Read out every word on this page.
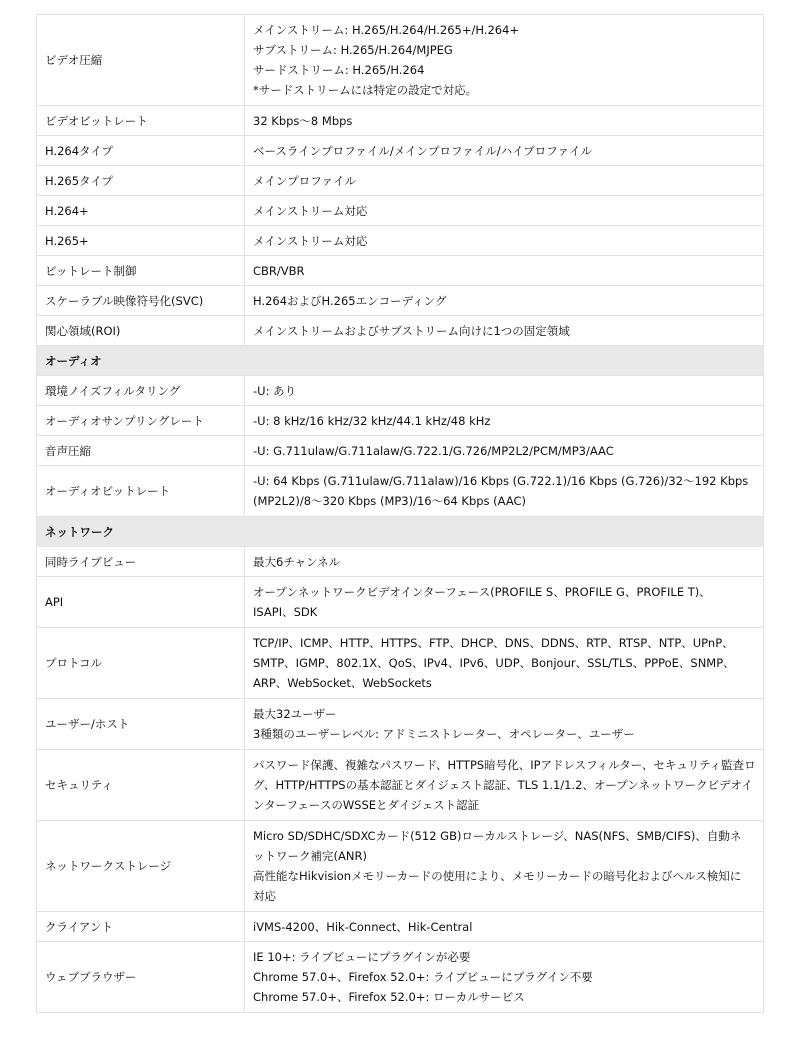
ビデオ圧縮	メインストリーム: H.265/H.264/H.265+/H.264+
サブストリーム: H.265/H.264/MJPEG
サードストリーム: H.265/H.264
*サードストリームには特定の設定で対応。

ビデオビットレート	32 Kbps～8 Mbps

H.264タイプ	ベースラインプロファイル/メインプロファイル/ハイプロファイル

H.265タイプ	メインプロファイル

H.264+	メインストリーム対応

H.265+	メインストリーム対応

ビットレート制御	CBR/VBR

スケーラブル映像符号化(SVC)	H.264およびH.265エンコーディング

関心領域(ROI)	メインストリームおよびサブストリーム向けに1つの固定領域

オーディオ	
環境ノイズフィルタリング	-U: あり

オーディオサンプリングレート	-U: 8 kHz/16 kHz/32 kHz/44.1 kHz/48 kHz

音声圧縮	-U: G.711ulaw/G.711alaw/G.722.1/G.726/MP2L2/PCM/MP3/AAC

オーディオビットレート	-U: 64 Kbps (G.711ulaw/G.711alaw)/16 Kbps (G.722.1)/16 Kbps (G.726)/32～192 Kbps
(MP2L2)/8～320 Kbps (MP3)/16～64 Kbps (AAC)

ネットワーク	
同時ライブビュー	最大6チャンネル

API	オープンネットワークビデオインターフェース(PROFILE S、PROFILE G、PROFILE T)、
ISAPI、SDK

プロトコル	TCP/IP、ICMP、HTTP、HTTPS、FTP、DHCP、DNS、DDNS、RTP、RTSP、NTP、UPnP、
SMTP、IGMP、802.1X、QoS、IPv4、IPv6、UDP、Bonjour、SSL/TLS、PPPoE、SNMP、
ARP、WebSocket、WebSockets

ユーザー/ホスト	最大32ユーザー
3種類のユーザーレベル: アドミニストレーター、オペレーター、ユーザー

セキュリティ	パスワード保護、複雑なパスワード、HTTPS暗号化、IPアドレスフィルター、セキュリティ監査ロ
グ、HTTP/HTTPSの基本認証とダイジェスト認証、TLS 1.1/1.2、オープンネットワークビデオイ
ンターフェースのWSSEとダイジェスト認証

ネットワークストレージ	Micro SD/SDHC/SDXCカード(512 GB)ローカルストレージ、NAS(NFS、SMB/CIFS)、自動ネ
ットワーク補完(ANR)
高性能なHikvisionメモリーカードの使用により、メモリーカードの暗号化およびヘルス検知に
対応

クライアント	iVMS-4200、Hik-Connect、Hik-Central

ウェブブラウザー	IE 10+: ライブビューにプラグインが必要
Chrome 57.0+、Firefox 52.0+: ライブビューにプラグイン不要
Chrome 57.0+、Firefox 52.0+: ローカルサービス
